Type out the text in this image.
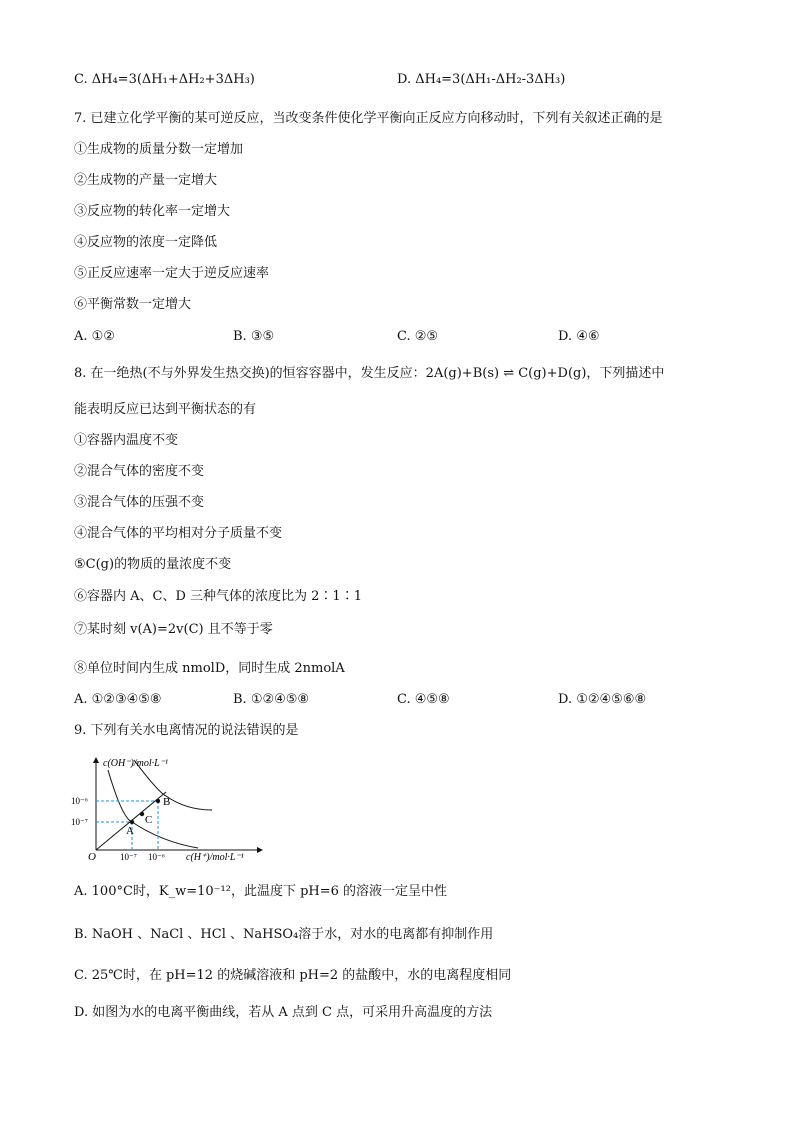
C. ΔH₄=3(ΔH₁+ΔH₂+3ΔH₃)	D. ΔH₄=3(ΔH₁-ΔH₂-3ΔH₃)
7. 已建立化学平衡的某可逆反应，当改变条件使化学平衡向正反应方向移动时，下列有关叙述正确的是
①生成物的质量分数一定增加
②生成物的产量一定增大
③反应物的转化率一定增大
④反应物的浓度一定降低
⑤正反应速率一定大于逆反应速率
⑥平衡常数一定增大
A. ①②	B. ③⑤	C. ②⑤	D. ④⑥
8. 在一绝热(不与外界发生热交换)的恒容容器中，发生反应：2A(g)+B(s) ⇌ C(g)+D(g)，下列描述中
能表明反应已达到平衡状态的有
①容器内温度不变
②混合气体的密度不变
③混合气体的压强不变
④混合气体的平均相对分子质量不变
⑤C(g)的物质的量浓度不变
⑥容器内 A、C、D 三种气体的浓度比为 2∶1∶1
⑦某时刻 v(A)=2v(C) 且不等于零
⑧单位时间内生成 nmolD，同时生成 2nmolA
A. ①②③④⑤⑧	B. ①②④⑤⑧	C. ④⑤⑧	D. ①②④⑤⑥⑧
9. 下列有关水电离情况的说法错误的是
c(OH⁻)/mol·L⁻¹
c(H⁺)/mol·L⁻¹
O
10⁻⁶
10⁻⁷
10⁻⁷ 10⁻⁶
A
B
C
A. 100°C时，K_w=10⁻¹²，此温度下 pH=6 的溶液一定呈中性
B. NaOH 、NaCl 、HCl 、NaHSO₄溶于水，对水的电离都有抑制作用
C. 25℃时，在 pH=12 的烧碱溶液和 pH=2 的盐酸中，水的电离程度相同
D. 如图为水的电离平衡曲线，若从 A 点到 C 点，可采用升高温度的方法
